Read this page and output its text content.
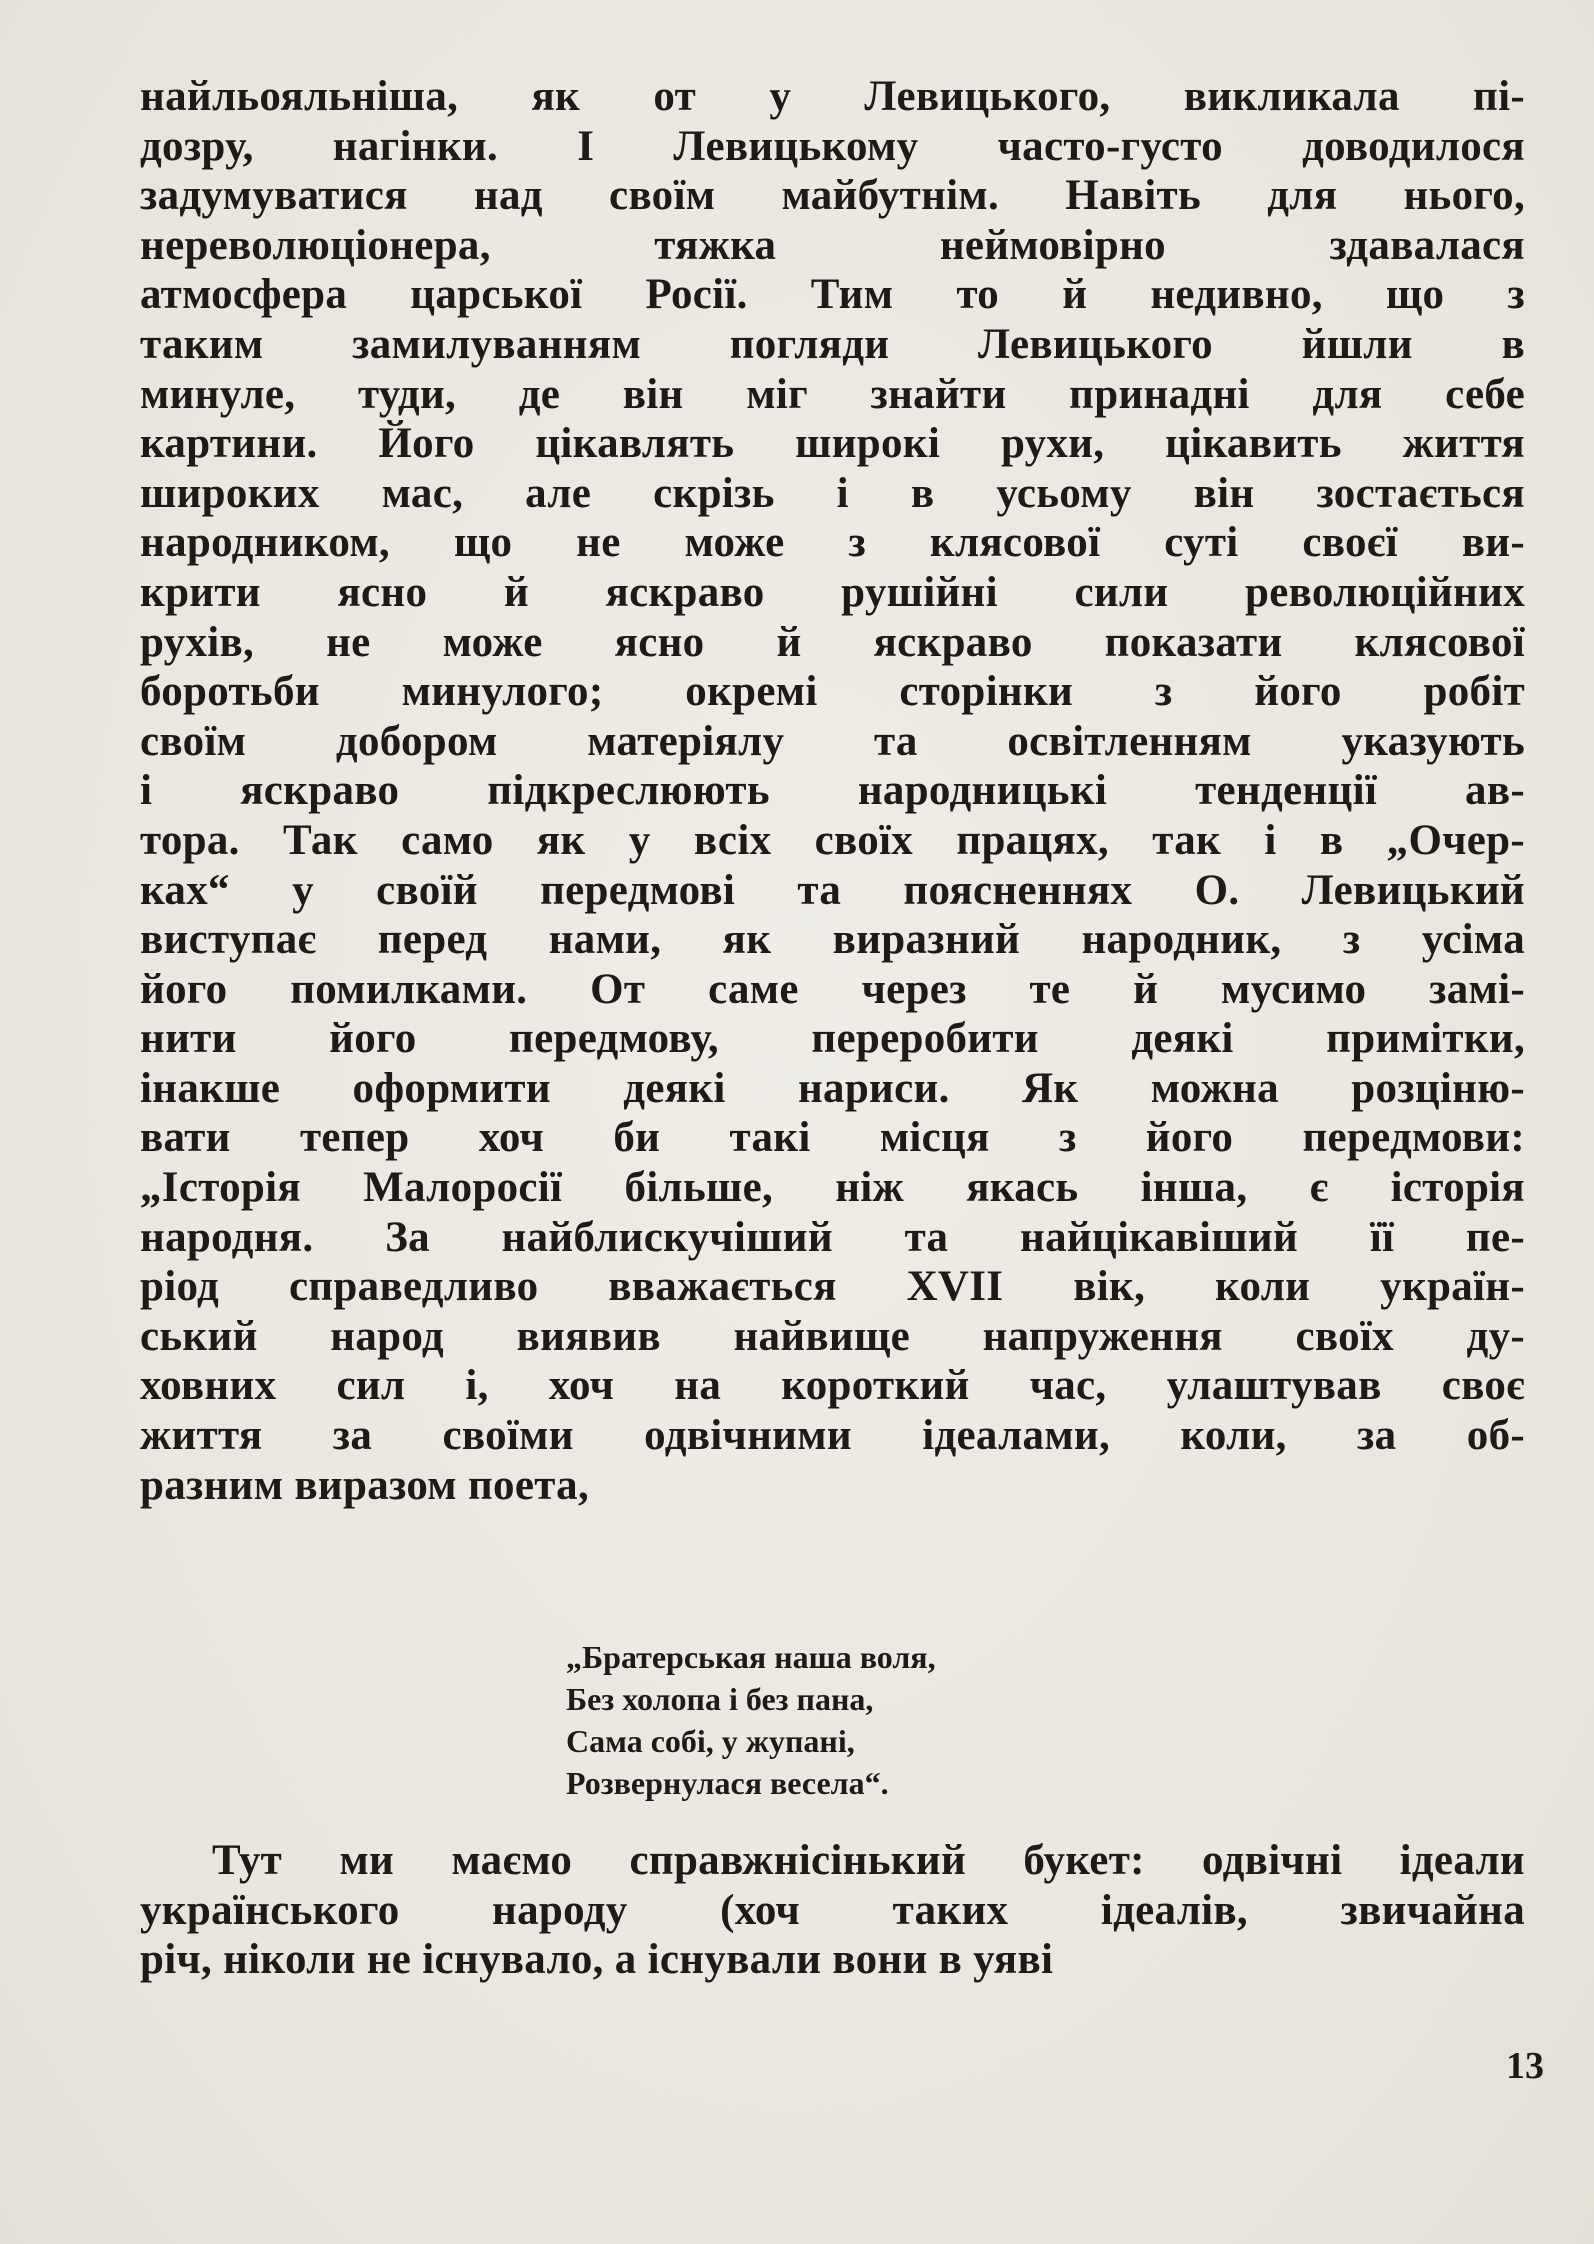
найльояльніша, як от у Левицького, викликала пі-
дозру, нагінки. І Левицькому часто-густо доводилося
задумуватися над своїм майбутнім. Навіть для нього,
нереволюціонера, тяжка неймовірно здавалася
атмосфера царської Росії. Тим то й недивно, що з
таким замилуванням погляди Левицького йшли в
минуле, туди, де він міг знайти принадні для себе
картини. Його цікавлять широкі рухи, цікавить життя
широких мас, але скрізь і в усьому він зостається
народником, що не може з клясової суті своєї ви-
крити ясно й яскраво рушійні сили революційних
рухів, не може ясно й яскраво показати клясової
боротьби минулого; окремі сторінки з його робіт
своїм добором матеріялу та освітленням указують
і яскраво підкреслюють народницькі тенденції ав-
тора. Так само як у всіх своїх працях, так і в „Очер-
ках“ у своїй передмові та поясненнях О. Левицький
виступає перед нами, як виразний народник, з усіма
його помилками. От саме через те й мусимо замі-
нити його передмову, переробити деякі примітки,
інакше оформити деякі нариси. Як можна розціню-
вати тепер хоч би такі місця з його передмови:
„Історія Малоросії більше, ніж якась інша, є історія
народня. За найблискучіший та найцікавіший її пе-
ріод справедливо вважається XVII вік, коли україн-
ський народ виявив найвище напруження своїх ду-
ховних сил і, хоч на короткий час, улаштував своє
життя за своїми одвічними ідеалами, коли, за об-
разним виразом поета,
„Братерськая наша воля,
Без холопа і без пана,
Сама собі, у жупані,
Розвернулася весела“.
Тут ми маємо справжнісінький букет: одвічні ідеали
українського народу (хоч таких ідеалів, звичайна
річ, ніколи не існувало, а існували вони в уяві
13
